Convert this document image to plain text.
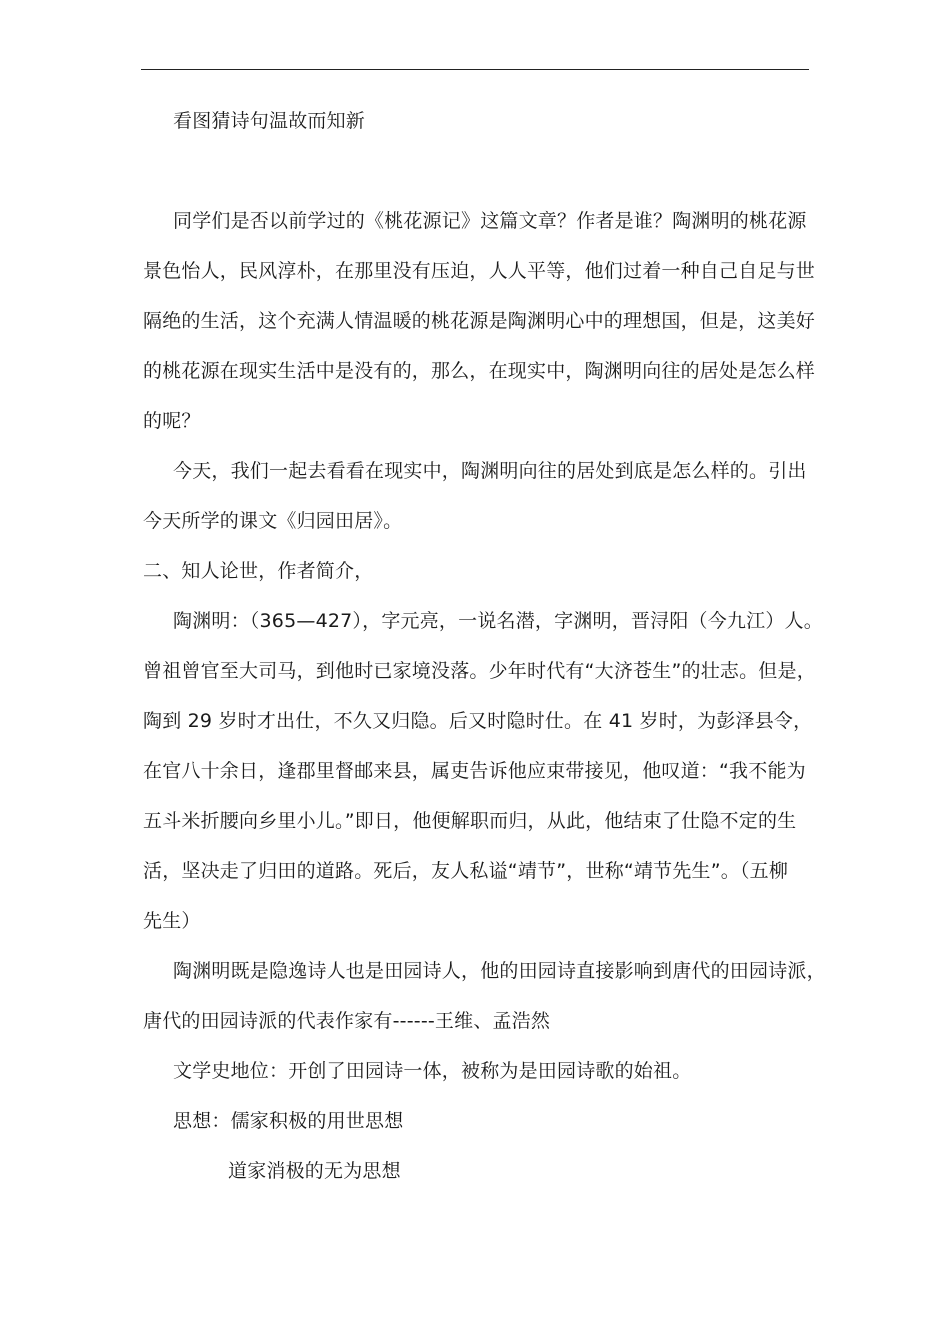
看图猜诗句温故而知新
同学们是否以前学过的《桃花源记》这篇文章？作者是谁？陶渊明的桃花源
景色怡人，民风淳朴，在那里没有压迫，人人平等，他们过着一种自己自足与世
隔绝的生活，这个充满人情温暖的桃花源是陶渊明心中的理想国，但是，这美好
的桃花源在现实生活中是没有的，那么，在现实中，陶渊明向往的居处是怎么样
的呢？
今天，我们一起去看看在现实中，陶渊明向往的居处到底是怎么样的。引出
今天所学的课文《归园田居》。
二、知人论世，作者简介，
陶渊明：（365—427），字元亮，一说名潜，字渊明，晋浔阳（今九江）人。
曾祖曾官至大司马，到他时已家境没落。少年时代有“大济苍生”的壮志。但是，
陶到 29 岁时才出仕，不久又归隐。后又时隐时仕。在 41 岁时，为彭泽县令，
在官八十余日，逢郡里督邮来县，属吏告诉他应束带接见，他叹道：“我不能为
五斗米折腰向乡里小儿。”即日，他便解职而归，从此，他结束了仕隐不定的生
活，坚决走了归田的道路。死后，友人私谥“靖节”，世称“靖节先生”。（五柳
先生）
陶渊明既是隐逸诗人也是田园诗人，他的田园诗直接影响到唐代的田园诗派，
唐代的田园诗派的代表作家有------王维、孟浩然
文学史地位：开创了田园诗一体，被称为是田园诗歌的始祖。
思想：儒家积极的用世思想
道家消极的无为思想
